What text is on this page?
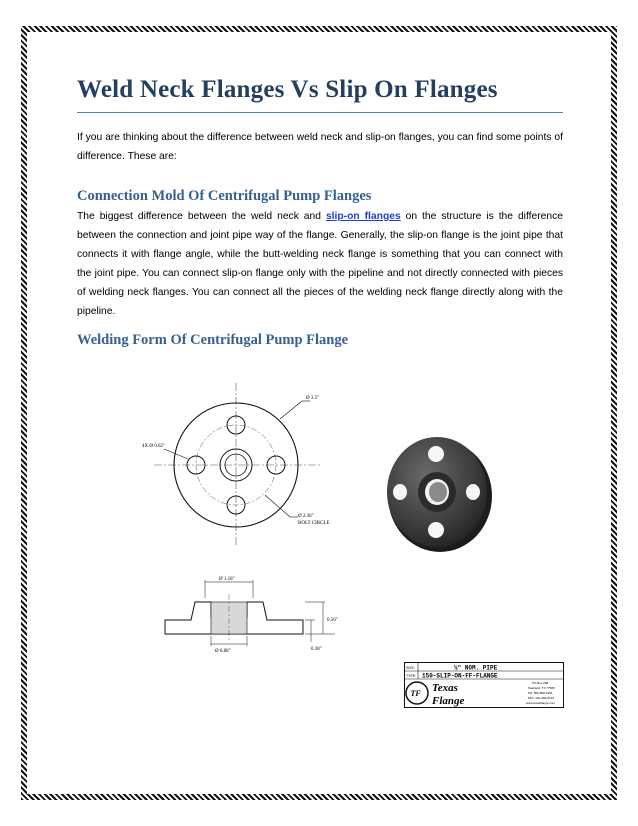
Weld Neck Flanges Vs Slip On Flanges

If you are thinking about the difference between weld neck and slip-on flanges, you can find some points of difference. These are:

Connection Mold Of Centrifugal Pump Flanges

The biggest difference between the weld neck and slip-on flanges on the structure is the difference between the connection and joint pipe way of the flange. Generally, the slip-on flange is the joint pipe that connects it with flange angle, while the butt-welding neck flange is something that you can connect with the joint pipe. You can connect slip-on flange only with the pipeline and not directly connected with pieces of welding neck flanges. You can connect all the pieces of the welding neck flange directly along with the pipeline.

Welding Form Of Centrifugal Pump Flange
Ø 3.5"
4X Ø 0.62"
Ø 2.36"
BOLT CIRCLE
Ø 1.18"
0.56"
0.38"
Ø 0.88"
SIZE:	½" NOM. PIPE
TYPE: 150-SLIP-ON-FF-FLANGE
TF Texas
Flange
PO Box 288
Pearland, TX 77588
PH: 800-808-1981
FAX: 281-484-8719
www.texasflange.com
